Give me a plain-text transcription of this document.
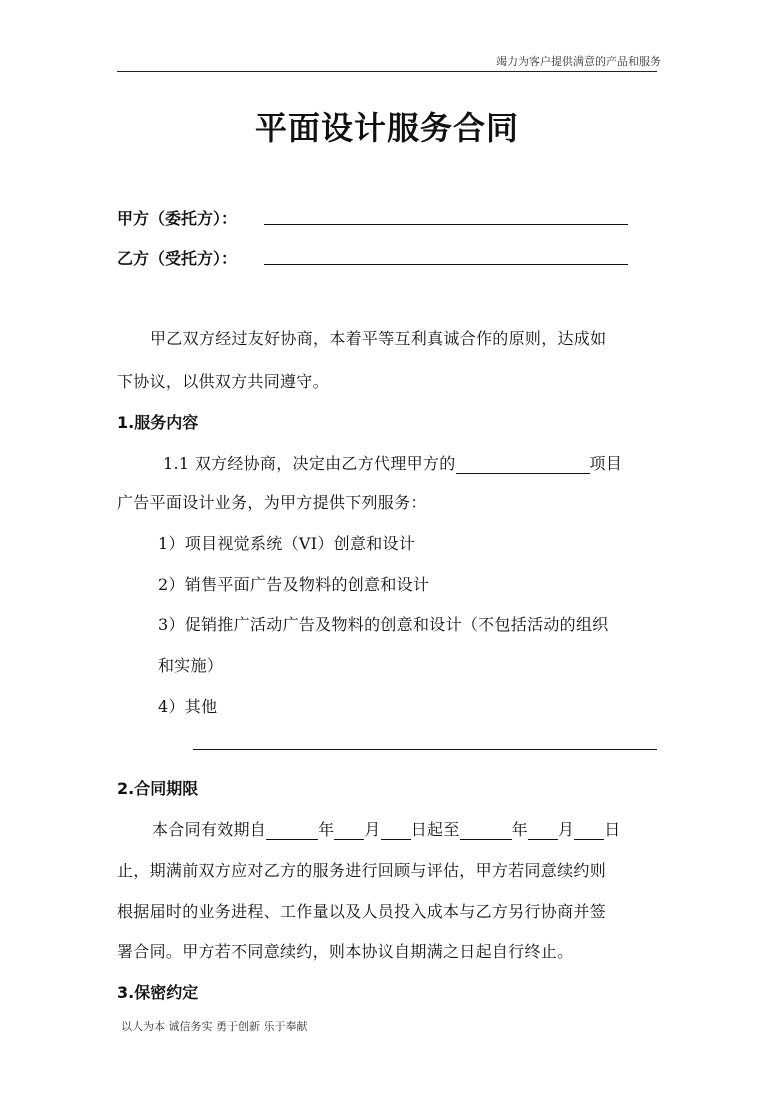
竭力为客户提供满意的产品和服务
平面设计服务合同
甲方（委托方）：
乙方（受托方）：
甲乙双方经过友好协商，本着平等互利真诚合作的原则，达成如
下协议，以供双方共同遵守。
1.服务内容
1.1 双方经协商，决定由乙方代理甲方的	项目
广告平面设计业务，为甲方提供下列服务：
1）项目视觉系统（VI）创意和设计
2）销售平面广告及物料的创意和设计
3）促销推广活动广告及物料的创意和设计（不包括活动的组织
和实施）
4）其他
2.合同期限
本合同有效期自	年 月 日起至	年 月 日
止，期满前双方应对乙方的服务进行回顾与评估，甲方若同意续约则
根据届时的业务进程、工作量以及人员投入成本与乙方另行协商并签
署合同。甲方若不同意续约，则本协议自期满之日起自行终止。
3.保密约定
以人为本 诚信务实 勇于创新 乐于奉献
